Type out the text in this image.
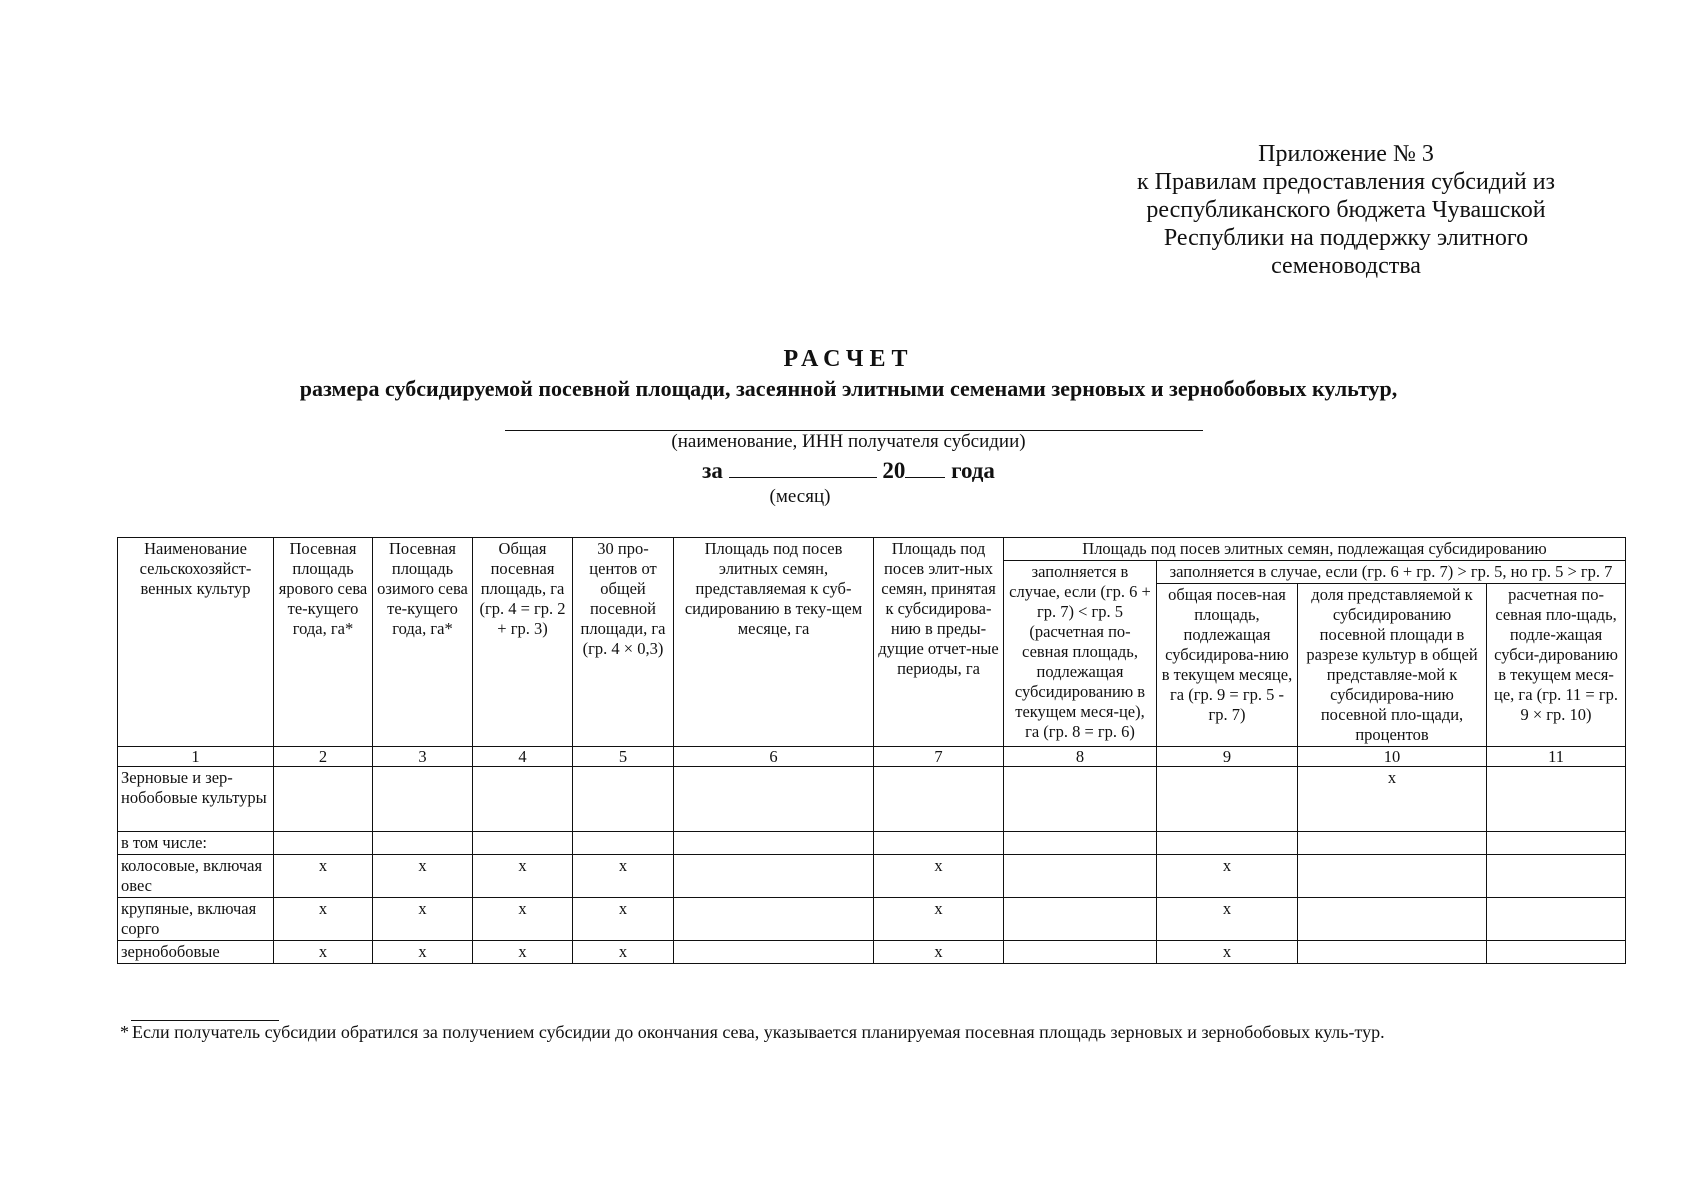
Приложение № 3
к Правилам предоставления субсидий из
республиканского бюджета Чувашской
Республики на поддержку элитного
семеноводства
РАСЧЕТ
размера субсидируемой посевной площади, засеянной элитными семенами зерновых и зернобобовых культур,
(наименование, ИНН получателя субсидии)
за	20 года
(месяц)
Наименование сельскохозяйст-венных культур	Посевная площадь ярового сева те-кущего года, га*	Посевная площадь озимого сева те-кущего года, га*	Общая посевная площадь, га (гр. 4 = гр. 2 + гр. 3)	30 про-центов от общей посевной площади, га (гр. 4 × 0,3)	Площадь под посев элитных семян, представляемая к суб-сидированию в теку-щем месяце, га	Площадь под посев элит-ных семян, принятая к субсидирова-нию в преды-дущие отчет-ные периоды, га	Площадь под посев элитных семян, подлежащая субсидированию			
							заполняется в случае, если (гр. 6 + гр. 7) < гр. 5 (расчетная по-севная площадь, подлежащая субсидированию в текущем меся-це), га (гр. 8 = гр. 6)	заполняется в случае, если (гр. 6 + гр. 7) > гр. 5, но гр. 5 > гр. 7		
								общая посев-ная площадь, подлежащая субсидирова-нию в текущем месяце, га (гр. 9 = гр. 5 - гр. 7)	доля представляемой к субсидированию посевной площади в разрезе культур в общей представляе-мой к субсидирова-нию посевной пло-щади, процентов	расчетная по-севная пло-щадь, подле-жащая субси-дированию в текущем меся-це, га (гр. 11 = гр. 9 × гр. 10)
1	2	3	4	5	6	7	8	9	10	11
Зерновые и зер-нобобовые культуры									x	
в том числе:										
колосовые, включая овес	x	x	x	x		x		x		
крупяные, включая сорго	x	x	x	x		x		x		
зернобобовые	x	x	x	x		x		x		
* Если получатель субсидии обратился за получением субсидии до окончания сева, указывается планируемая посевная площадь зерновых и зернобобовых куль-тур.
